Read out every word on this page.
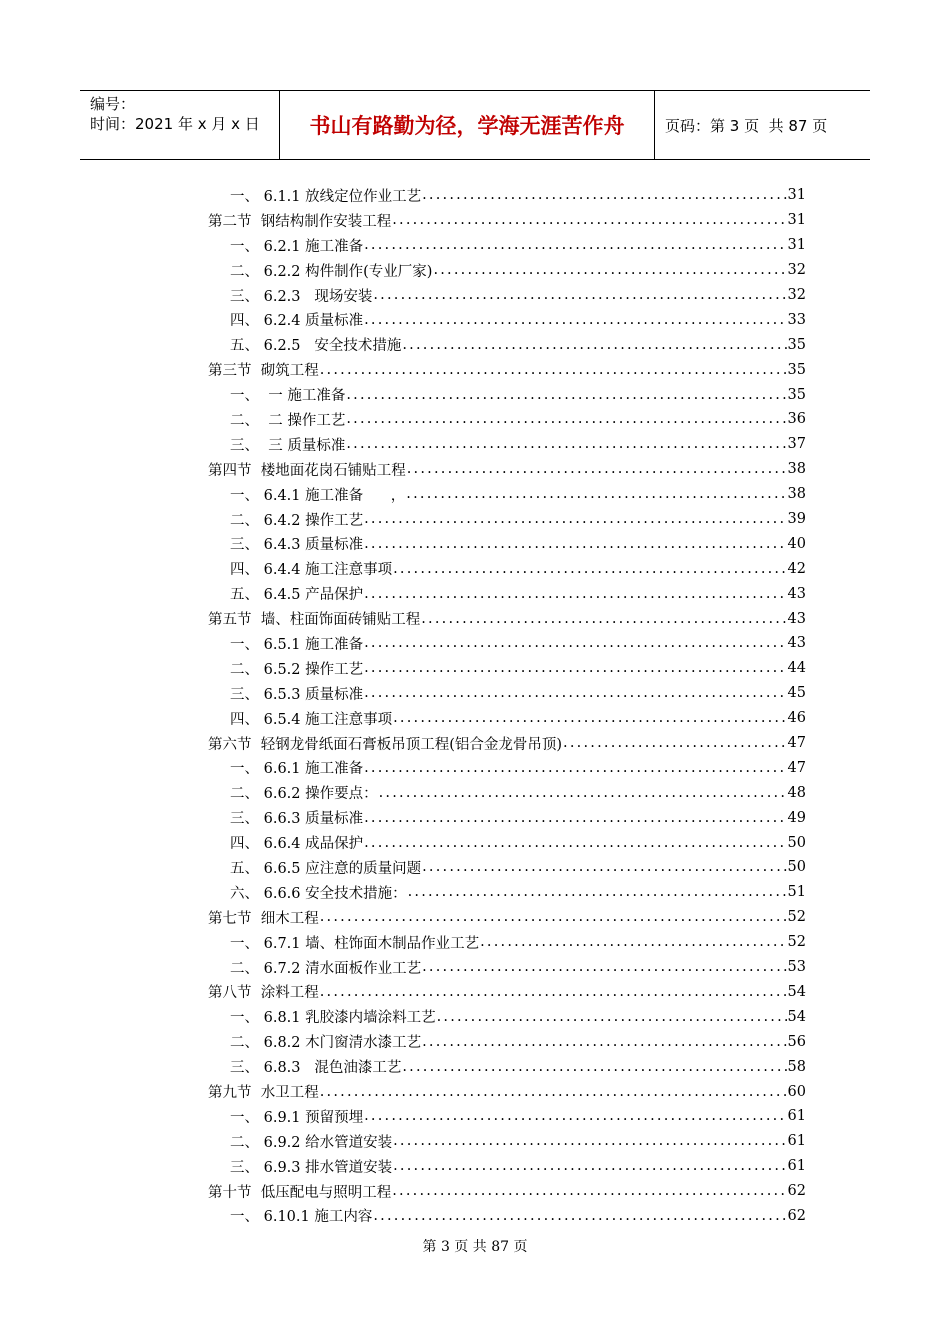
编号：
时间：2021 年 x 月 x 日	书山有路勤为径，学海无涯苦作舟	页码：第 3 页  共 87 页
一、 6.1.1 放线定位作业工艺 .....	31
第二节  钢结构制作安装工程 .....	31
一、 6.2.1 施工准备 .....	31
二、 6.2.2 构件制作(专业厂家) .....	32
三、 6.2.3   现场安装 .....	32
四、 6.2.4 质量标准 .....	33
五、 6.2.5   安全技术措施 .....	35
第三节  砌筑工程 .....	35
一、  一 施工准备 .....	35
二、  二 操作工艺 .....	36
三、  三 质量标准 .....	37
第四节  楼地面花岗石铺贴工程 .....	38
一、 6.4.1 施工准备      ， .....	38
二、 6.4.2 操作工艺 .....	39
三、 6.4.3 质量标准 .....	40
四、 6.4.4 施工注意事项 .....	42
五、 6.4.5 产品保护 .....	43
第五节  墙、柱面饰面砖铺贴工程 .....	43
一、 6.5.1 施工准备 .....	43
二、 6.5.2 操作工艺 .....	44
三、 6.5.3 质量标准 .....	45
四、 6.5.4 施工注意事项 .....	46
第六节  轻钢龙骨纸面石膏板吊顶工程(铝合金龙骨吊顶) .....	47
一、 6.6.1 施工准备 .....	47
二、 6.6.2 操作要点： .....	48
三、 6.6.3 质量标准 .....	49
四、 6.6.4 成品保护 .....	50
五、 6.6.5 应注意的质量问题 .....	50
六、 6.6.6 安全技术措施： .....	51
第七节  细木工程 .....	52
一、 6.7.1 墙、柱饰面木制品作业工艺 .....	52
二、 6.7.2 清水面板作业工艺 .....	53
第八节  涂料工程 .....	54
一、 6.8.1 乳胶漆内墙涂料工艺 .....	54
二、 6.8.2 木门窗清水漆工艺 .....	56
三、 6.8.3   混色油漆工艺 .....	58
第九节  水卫工程 .....	60
一、 6.9.1 预留预埋 .....	61
二、 6.9.2 给水管道安装 .....	61
三、 6.9.3 排水管道安装 .....	61
第十节  低压配电与照明工程 .....	62
一、 6.10.1 施工内容 .....	62
第 3 页 共 87 页
